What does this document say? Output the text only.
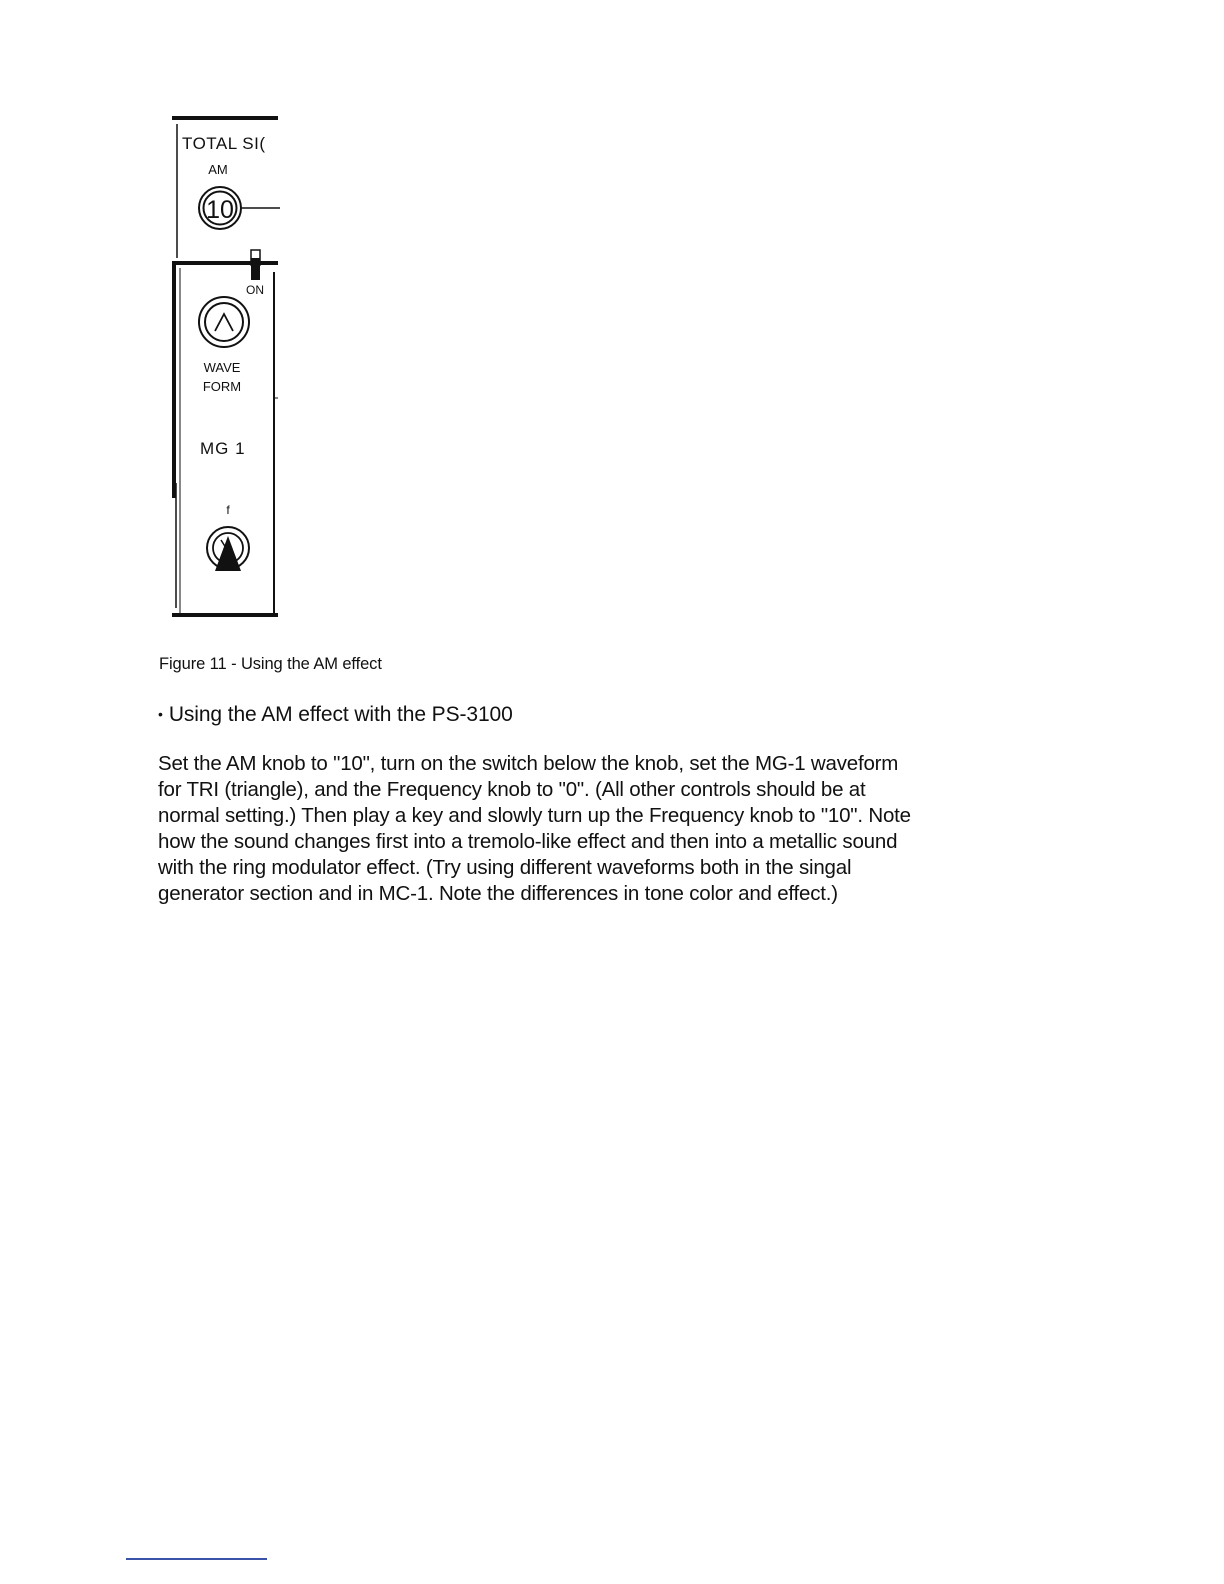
TOTAL SI(
AM
10
ON
WAVE
FORM
MG 1
f
Figure 11 - Using the AM effect
• Using the AM effect with the PS-3100
Set the AM knob to "10", turn on the switch below the knob, set the MG-1 waveform
for TRI (triangle), and the Frequency knob to "0". (All other controls should be at
normal setting.) Then play a key and slowly turn up the Frequency knob to "10". Note
how the sound changes first into a tremolo-like effect and then into a metallic sound
with the ring modulator effect. (Try using different waveforms both in the singal
generator section and in MC-1. Note the differences in tone color and effect.)
